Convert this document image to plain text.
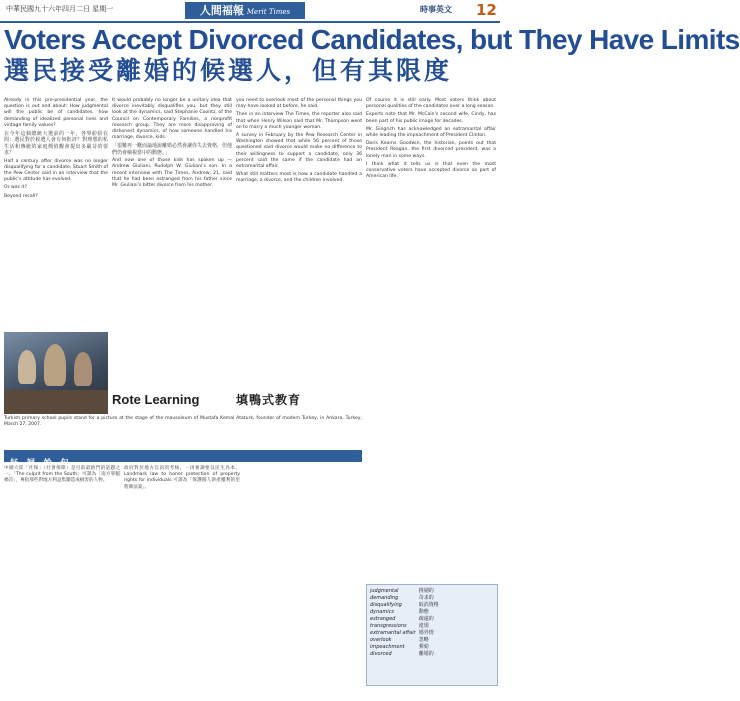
中華民國九十六年四月二日 星期一	人間福報 Merit Times	時事英文 12
Voters Accept Divorced Candidates, but They Have Limits
選民接受離婚的候選人，但有其限度

Already in this pre-presidential year, the question is out and about: How judgmental will the public be of candidates, how demanding of idealized personal lives and vintage family values?

在今年這個總統大選前的一年，各界紛紛在問：選民對於候選人會有何批評？對理想的私生活和傳統的家庭價值觀會提出多嚴苛的要求？

Half a century after divorce was no longer disqualifying for a candidate, Stuart Smith of the Pew Center said in an interview that the public's attitude has evolved.

Or was it?

Beyond recall?

It would probably no longer be a unitary idea that divorce inevitably disqualifies you, but they still look at the dynamics, said Stephanie Coontz, of the Council on Contemporary Families, a nonprofit research group. They are more disapproving of dishonest dynamics, of how someone handled his marriage, divorce, kids.

「很難再一概而論地說離婚必然會讓你失去資格，但他們仍會檢視當中的動態。」

And now one of those kids has spoken up — Andrew Giuliani, Rudolph W. Giuliani's son. In a recent interview with The Times, Andrew, 21, said that he had been estranged from his father since Mr. Giuliani's bitter divorce from his mother.

you need to overlook most of the personal things you may have looked at before, he said.

Then in an interview The Times, the reporter also said that when Henry Wilson said that Mr. Thompson went on to marry a much younger woman.

A survey in February by the Pew Research Center in Washington showed that while 56 percent of those questioned said divorce would make no difference to their willingness to support a candidate, only 36 percent said the same if the candidate had an extramarital affair.

What still matters most is how a candidate handled a marriage, a divorce, and the children involved.

Of course it is still early. Most voters think about personal qualities of the candidates over a long season.

Experts note that Mr. McCain's second wife, Cindy, has been part of his public image for decades.

Mr. Gingrich has acknowledged an extramarital affair while leading the impeachment of President Clinton.

Doris Kearns Goodwin, the historian, points out that President Reagan, the first divorced president, was a lonely man in some ways.

I think what it tells us is that even the most conservative voters have accepted divorce as part of American life.

Rote Learning	填鴨式教育
Turkish primary school pupils stand for a picture at the stage of the mausoleum of Mustafa Kemal Ataturk, founder of modern Turkey, in Ankara, Turkey, March 27, 2007.
好 詞 妙 句
中國大陸「社保」（社會保障）是目前最熱門的話題之一。「The culprit from the South」可譯為「南方罪魁禍首」，專指那些對地方利益集團造成損害的人物。
政府對於地方官員的考核，一再強調要以民生為本。Landmark law to honor protection of property rights for individuals 可譯為「保護個人財產權利的里程碑法案」。
judgmental	挑剔的
demanding	苛求的
disqualifying	取消資格
dynamics	動態
estranged	疏遠的
transgressions	違規
extramarital affair	婚外情
overlook	忽略
impeachment	彈劾
divorced	離婚的
